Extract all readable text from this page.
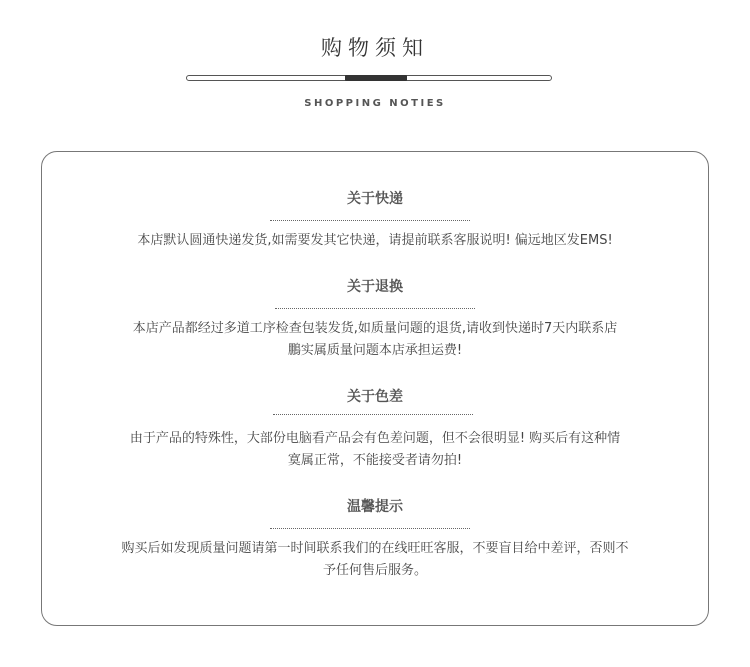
购物须知
SHOPPING NOTIES
关于快递
本店默认圆通快递发货,如需要发其它快递，请提前联系客服说明! 偏远地区发EMS!
关于退换
本店产品都经过多道工序检查包装发货,如质量问题的退货,请收到快递时7天内联系店
鵬实属质量问题本店承担运费!
关于色差
由于产品的特殊性，大部份电脑看产品会有色差问题，但不会很明显! 购买后有这种情
寞属正常，不能接受者请勿拍!
温馨提示
购买后如发现质量问题请第一时间联系我们的在线旺旺客服，不要盲目给中差评，否则不
予任何售后服务。
